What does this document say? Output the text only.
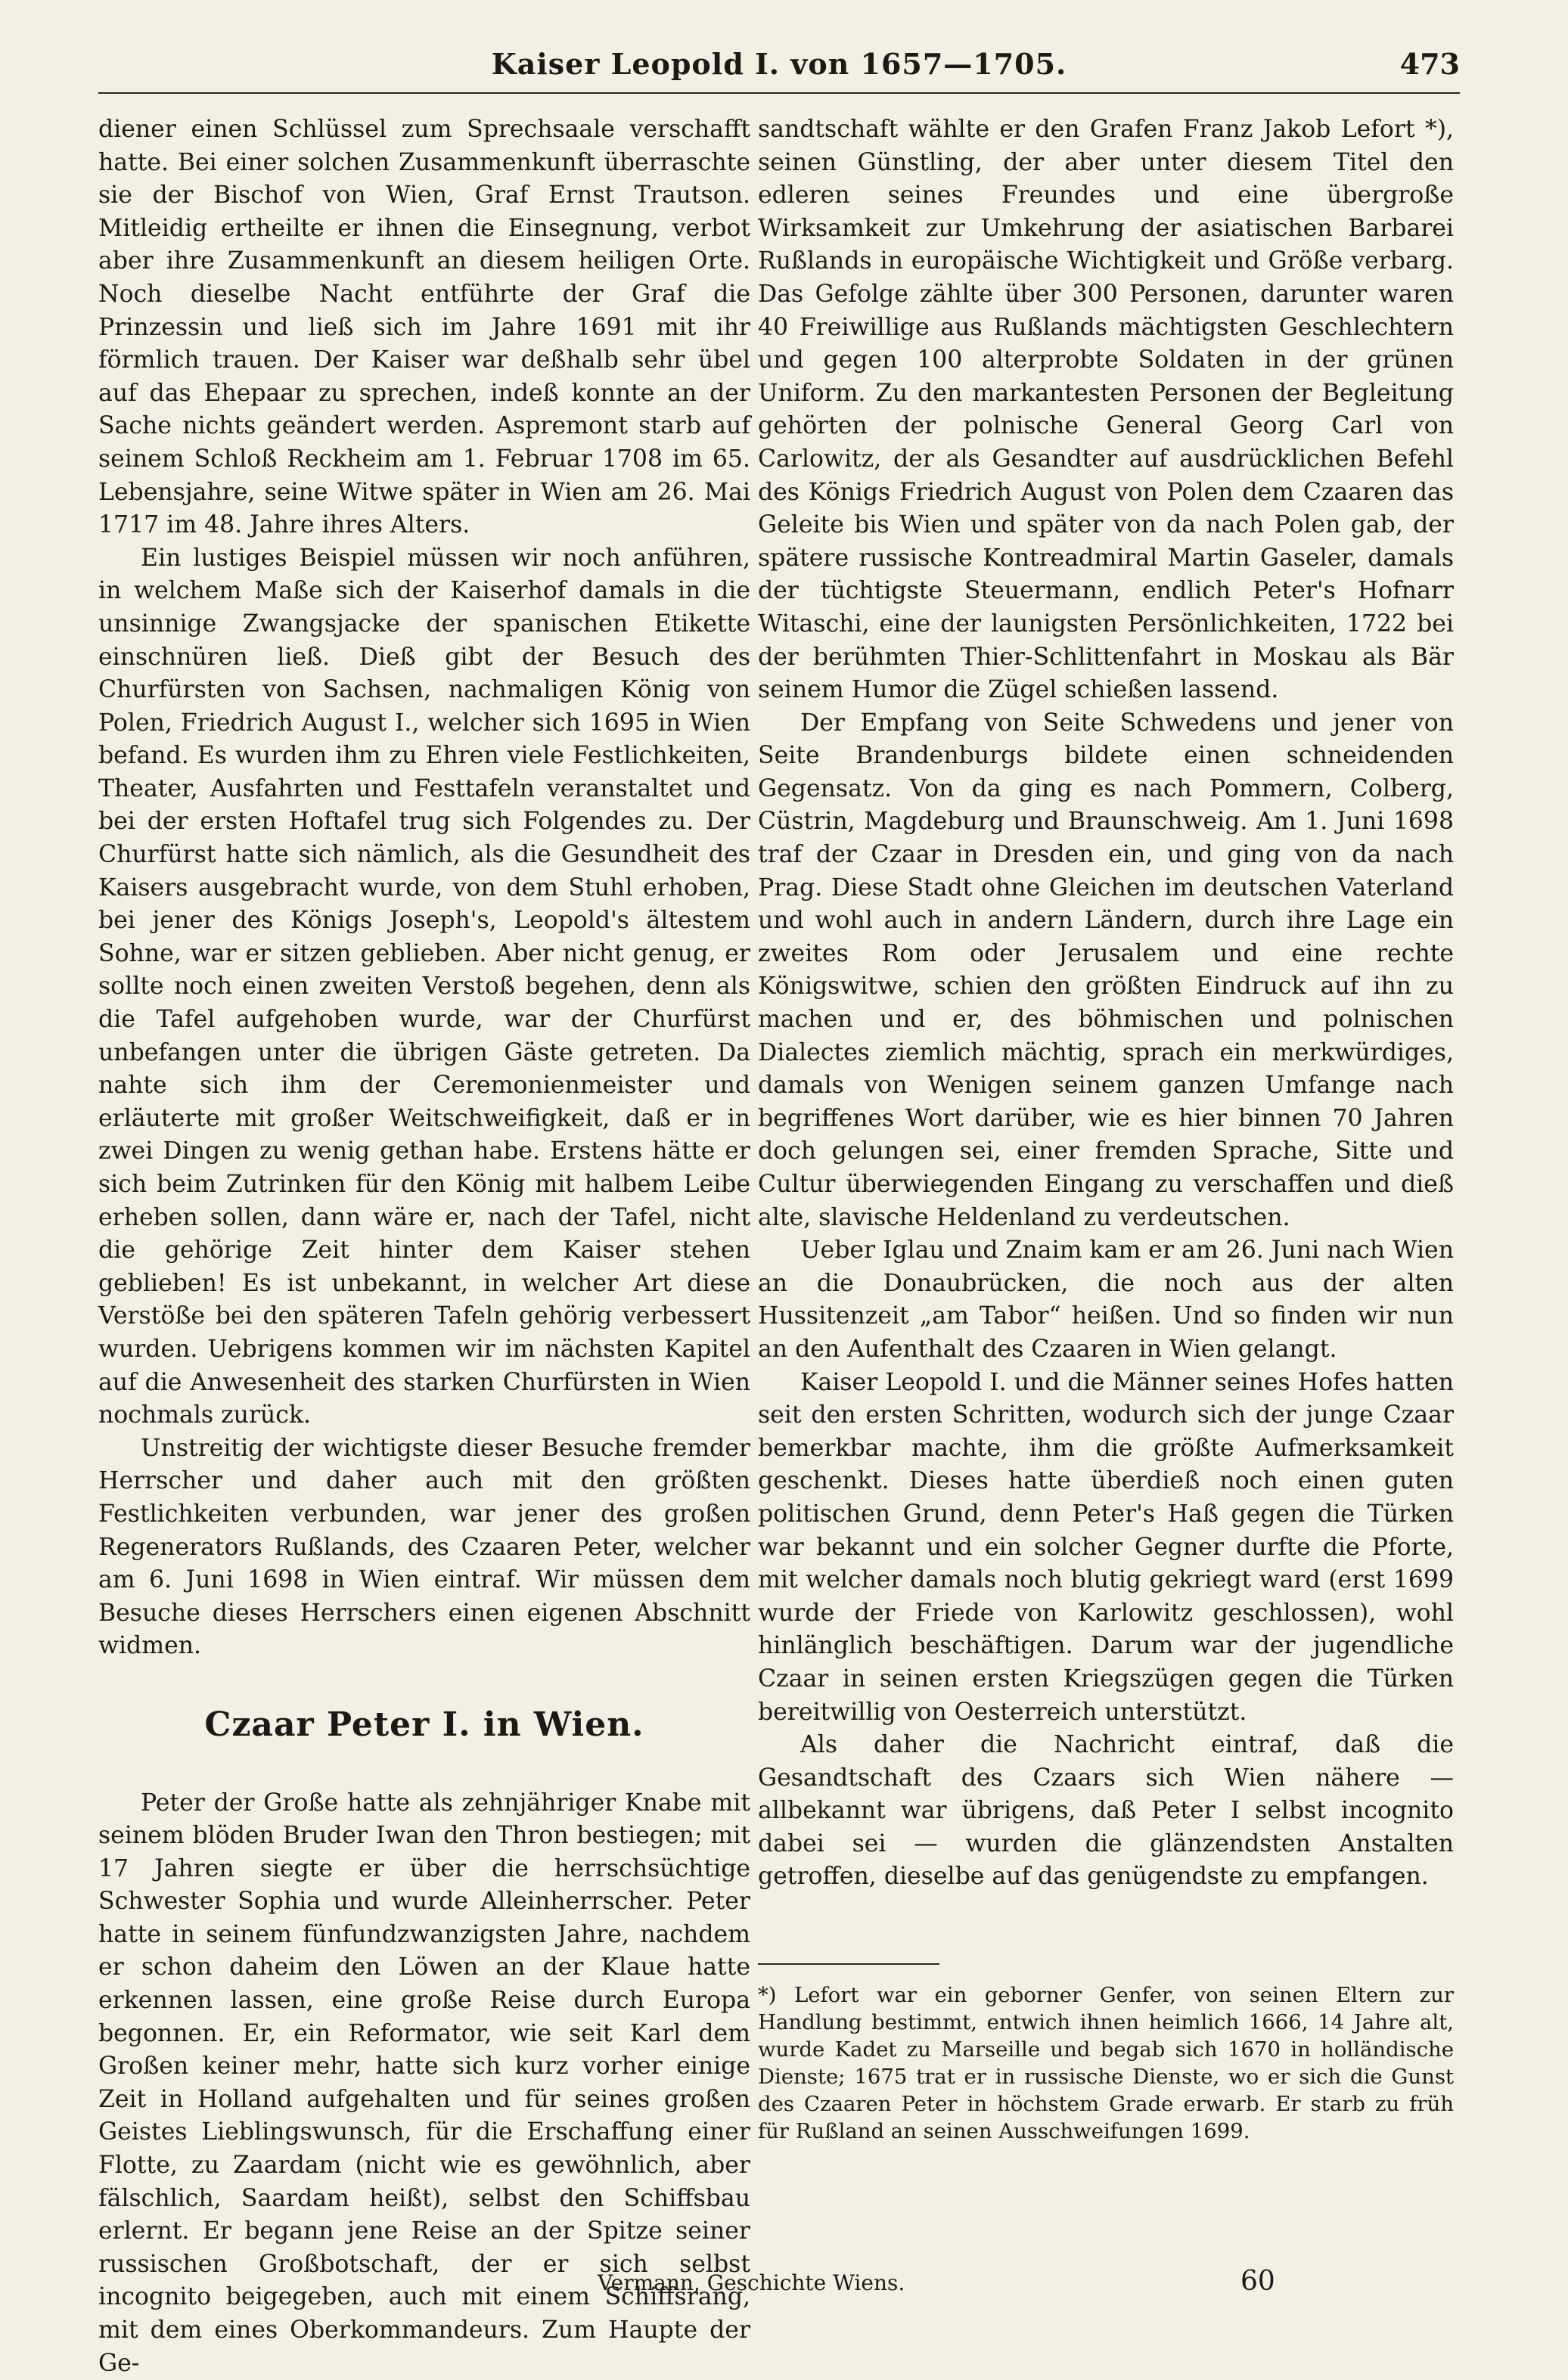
Kaiser Leopold I. von 1657—1705.	473

diener einen Schlüssel zum Sprechsaale verschafft hatte. Bei einer solchen Zusammenkunft überraschte sie der Bischof von Wien, Graf Ernst Trautson. Mitleidig ertheilte er ihnen die Einsegnung, verbot aber ihre Zusammenkunft an diesem heiligen Orte. Noch dieselbe Nacht entführte der Graf die Prinzessin und ließ sich im Jahre 1691 mit ihr förmlich trauen. Der Kaiser war deßhalb sehr übel auf das Ehepaar zu sprechen, indeß konnte an der Sache nichts geändert werden. Aspremont starb auf seinem Schloß Reckheim am 1. Februar 1708 im 65. Lebensjahre, seine Witwe später in Wien am 26. Mai 1717 im 48. Jahre ihres Alters.

Ein lustiges Beispiel müssen wir noch anführen, in welchem Maße sich der Kaiserhof damals in die unsinnige Zwangsjacke der spanischen Etikette einschnüren ließ. Dieß gibt der Besuch des Churfürsten von Sachsen, nachmaligen König von Polen, Friedrich August I., welcher sich 1695 in Wien befand. Es wurden ihm zu Ehren viele Festlichkeiten, Theater, Ausfahrten und Festtafeln veranstaltet und bei der ersten Hoftafel trug sich Folgendes zu. Der Churfürst hatte sich nämlich, als die Gesundheit des Kaisers ausgebracht wurde, von dem Stuhl erhoben, bei jener des Königs Joseph's, Leopold's ältestem Sohne, war er sitzen geblieben. Aber nicht genug, er sollte noch einen zweiten Verstoß begehen, denn als die Tafel aufgehoben wurde, war der Churfürst unbefangen unter die übrigen Gäste getreten. Da nahte sich ihm der Ceremonienmeister und erläuterte mit großer Weitschweifigkeit, daß er in zwei Dingen zu wenig gethan habe. Erstens hätte er sich beim Zutrinken für den König mit halbem Leibe erheben sollen, dann wäre er, nach der Tafel, nicht die gehörige Zeit hinter dem Kaiser stehen geblieben! Es ist unbekannt, in welcher Art diese Verstöße bei den späteren Tafeln gehörig verbessert wurden. Uebrigens kommen wir im nächsten Kapitel auf die Anwesenheit des starken Churfürsten in Wien nochmals zurück.

Unstreitig der wichtigste dieser Besuche fremder Herrscher und daher auch mit den größten Festlichkeiten verbunden, war jener des großen Regenerators Rußlands, des Czaaren Peter, welcher am 6. Juni 1698 in Wien eintraf. Wir müssen dem Besuche dieses Herrschers einen eigenen Abschnitt widmen.

Czaar Peter I. in Wien.

Peter der Große hatte als zehnjähriger Knabe mit seinem blöden Bruder Iwan den Thron bestiegen; mit 17 Jahren siegte er über die herrschsüchtige Schwester Sophia und wurde Alleinherrscher. Peter hatte in seinem fünfundzwanzigsten Jahre, nachdem er schon daheim den Löwen an der Klaue hatte erkennen lassen, eine große Reise durch Europa begonnen. Er, ein Reformator, wie seit Karl dem Großen keiner mehr, hatte sich kurz vorher einige Zeit in Holland aufgehalten und für seines großen Geistes Lieblingswunsch, für die Erschaffung einer Flotte, zu Zaardam (nicht wie es gewöhnlich, aber fälschlich, Saardam heißt), selbst den Schiffsbau erlernt. Er begann jene Reise an der Spitze seiner russischen Großbotschaft, der er sich selbst incognito beigegeben, auch mit einem Schiffsrang, mit dem eines Oberkommandeurs. Zum Haupte der Ge-

sandtschaft wählte er den Grafen Franz Jakob Lefort *), seinen Günstling, der aber unter diesem Titel den edleren seines Freundes und eine übergroße Wirksamkeit zur Umkehrung der asiatischen Barbarei Rußlands in europäische Wichtigkeit und Größe verbarg. Das Gefolge zählte über 300 Personen, darunter waren 40 Freiwillige aus Rußlands mächtigsten Geschlechtern und gegen 100 alterprobte Soldaten in der grünen Uniform. Zu den markantesten Personen der Begleitung gehörten der polnische General Georg Carl von Carlowitz, der als Gesandter auf ausdrücklichen Befehl des Königs Friedrich August von Polen dem Czaaren das Geleite bis Wien und später von da nach Polen gab, der spätere russische Kontreadmiral Martin Gaseler, damals der tüchtigste Steuermann, endlich Peter's Hofnarr Witaschi, eine der launigsten Persönlichkeiten, 1722 bei der berühmten Thier-Schlittenfahrt in Moskau als Bär seinem Humor die Zügel schießen lassend.

Der Empfang von Seite Schwedens und jener von Seite Brandenburgs bildete einen schneidenden Gegensatz. Von da ging es nach Pommern, Colberg, Cüstrin, Magdeburg und Braunschweig. Am 1. Juni 1698 traf der Czaar in Dresden ein, und ging von da nach Prag. Diese Stadt ohne Gleichen im deutschen Vaterland und wohl auch in andern Ländern, durch ihre Lage ein zweites Rom oder Jerusalem und eine rechte Königswitwe, schien den größten Eindruck auf ihn zu machen und er, des böhmischen und polnischen Dialectes ziemlich mächtig, sprach ein merkwürdiges, damals von Wenigen seinem ganzen Umfange nach begriffenes Wort darüber, wie es hier binnen 70 Jahren doch gelungen sei, einer fremden Sprache, Sitte und Cultur überwiegenden Eingang zu verschaffen und dieß alte, slavische Heldenland zu verdeutschen.

Ueber Iglau und Znaim kam er am 26. Juni nach Wien an die Donaubrücken, die noch aus der alten Hussitenzeit „am Tabor“ heißen. Und so finden wir nun an den Aufenthalt des Czaaren in Wien gelangt.

Kaiser Leopold I. und die Männer seines Hofes hatten seit den ersten Schritten, wodurch sich der junge Czaar bemerkbar machte, ihm die größte Aufmerksamkeit geschenkt. Dieses hatte überdieß noch einen guten politischen Grund, denn Peter's Haß gegen die Türken war bekannt und ein solcher Gegner durfte die Pforte, mit welcher damals noch blutig gekriegt ward (erst 1699 wurde der Friede von Karlowitz geschlossen), wohl hinlänglich beschäftigen. Darum war der jugendliche Czaar in seinen ersten Kriegszügen gegen die Türken bereitwillig von Oesterreich unterstützt.

Als daher die Nachricht eintraf, daß die Gesandtschaft des Czaars sich Wien nähere — allbekannt war übrigens, daß Peter I selbst incognito dabei sei — wurden die glänzendsten Anstalten getroffen, dieselbe auf das genügendste zu empfangen.

*) Lefort war ein geborner Genfer, von seinen Eltern zur Handlung bestimmt, entwich ihnen heimlich 1666, 14 Jahre alt, wurde Kadet zu Marseille und begab sich 1670 in holländische Dienste; 1675 trat er in russische Dienste, wo er sich die Gunst des Czaaren Peter in höchstem Grade erwarb. Er starb zu früh für Rußland an seinen Ausschweifungen 1699.
Vermann, Geschichte Wiens.	60
